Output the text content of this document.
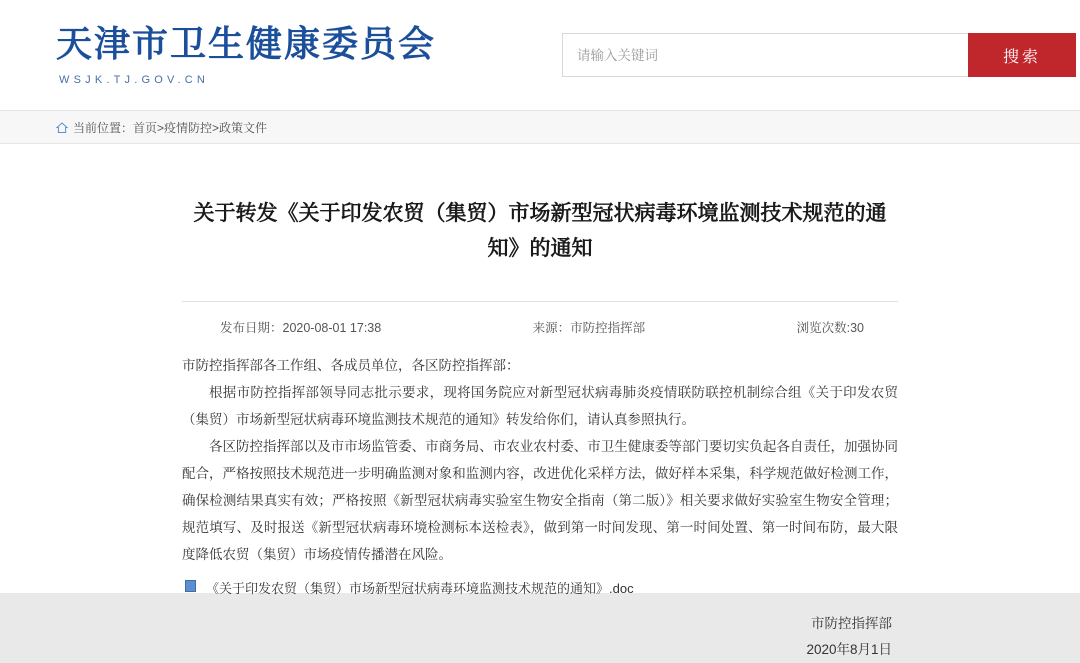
天津市卫生健康委员会
WSJK.TJ.GOV.CN
请输入关键词
搜索
当前位置：首页>疫情防控>政策文件
关于转发《关于印发农贸（集贸）市场新型冠状病毒环境监测技术规范的通知》的通知
发布日期：2020-08-01 17:38	来源：市防控指挥部	浏览次数:30

市防控指挥部各工作组、各成员单位，各区防控指挥部：

根据市防控指挥部领导同志批示要求，现将国务院应对新型冠状病毒肺炎疫情联防联控机制综合组《关于印发农贸（集贸）市场新型冠状病毒环境监测技术规范的通知》转发给你们，请认真参照执行。

各区防控指挥部以及市市场监管委、市商务局、市农业农村委、市卫生健康委等部门要切实负起各自责任，加强协同配合，严格按照技术规范进一步明确监测对象和监测内容，改进优化采样方法，做好样本采集，科学规范做好检测工作，确保检测结果真实有效；严格按照《新型冠状病毒实验室生物安全指南（第二版）》相关要求做好实验室生物安全管理；规范填写、及时报送《新型冠状病毒环境检测标本送检表》，做到第一时间发现、第一时间处置、第一时间布防，最大限度降低农贸（集贸）市场疫情传播潜在风险。

《关于印发农贸（集贸）市场新型冠状病毒环境监测技术规范的通知》.doc
市防控指挥部
2020年8月1日
